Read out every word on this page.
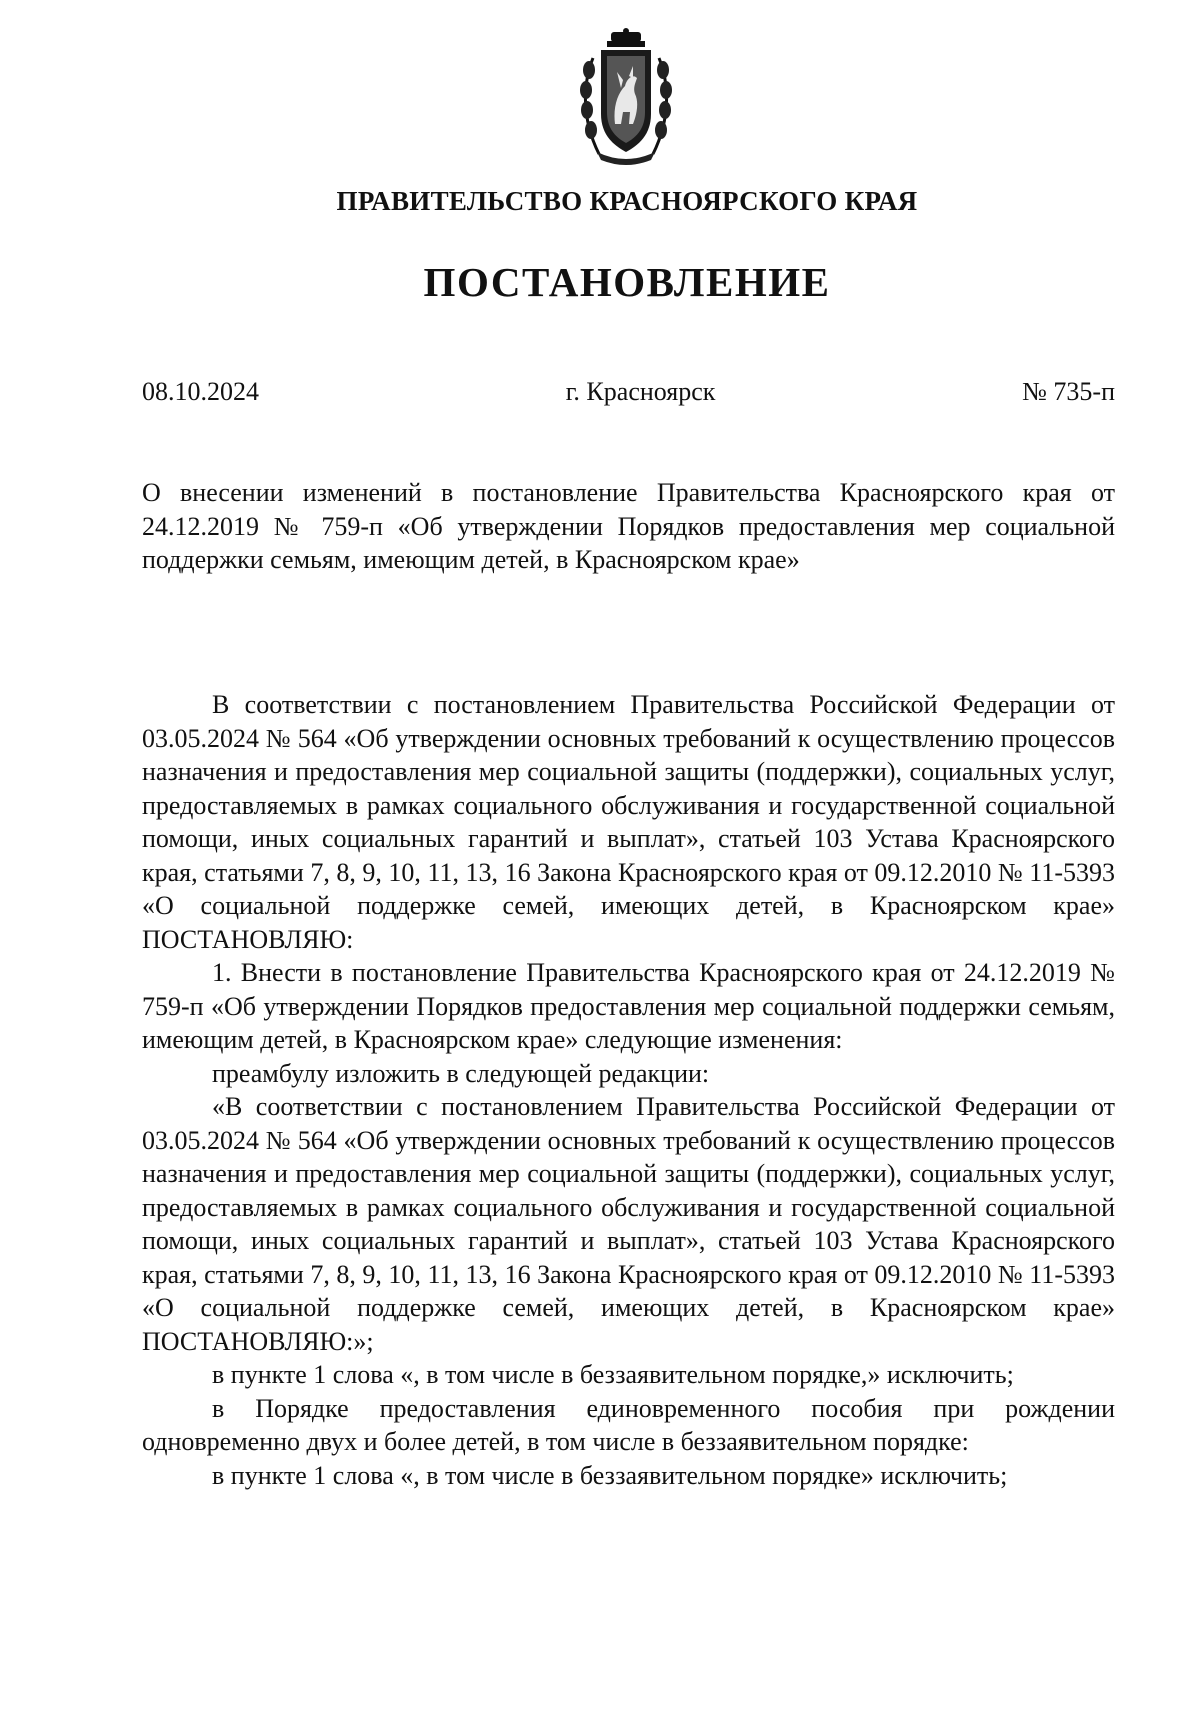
ПРАВИТЕЛЬСТВО КРАСНОЯРСКОГО КРАЯ
ПОСТАНОВЛЕНИЕ
08.10.2024	г. Красноярск	№ 735-п

О внесении изменений в постановление Правительства Красноярского края от 24.12.2019 № 759-п «Об утверждении Порядков предоставления мер социальной поддержки семьям, имеющим детей, в Красноярском крае»

В соответствии с постановлением Правительства Российской Федерации от 03.05.2024 № 564 «Об утверждении основных требований к осуществлению процессов назначения и предоставления мер социальной защиты (поддержки), социальных услуг, предоставляемых в рамках социального обслуживания и государственной социальной помощи, иных социальных гарантий и выплат», статьей 103 Устава Красноярского края, статьями 7, 8, 9, 10, 11, 13, 16 Закона Красноярского края от 09.12.2010 № 11-5393 «О социальной поддержке семей, имеющих детей, в Красноярском крае» ПОСТАНОВЛЯЮ:

1. Внести в постановление Правительства Красноярского края от 24.12.2019 № 759-п «Об утверждении Порядков предоставления мер социальной поддержки семьям, имеющим детей, в Красноярском крае» следующие изменения:

преамбулу изложить в следующей редакции:

«В соответствии с постановлением Правительства Российской Федерации от 03.05.2024 № 564 «Об утверждении основных требований к осуществлению процессов назначения и предоставления мер социальной защиты (поддержки), социальных услуг, предоставляемых в рамках социального обслуживания и государственной социальной помощи, иных социальных гарантий и выплат», статьей 103 Устава Красноярского края, статьями 7, 8, 9, 10, 11, 13, 16 Закона Красноярского края от 09.12.2010 № 11-5393 «О социальной поддержке семей, имеющих детей, в Красноярском крае» ПОСТАНОВЛЯЮ:»;

в пункте 1 слова «, в том числе в беззаявительном порядке,» исключить;

в Порядке предоставления единовременного пособия при рождении одновременно двух и более детей, в том числе в беззаявительном порядке:

в пункте 1 слова «, в том числе в беззаявительном порядке» исключить;
